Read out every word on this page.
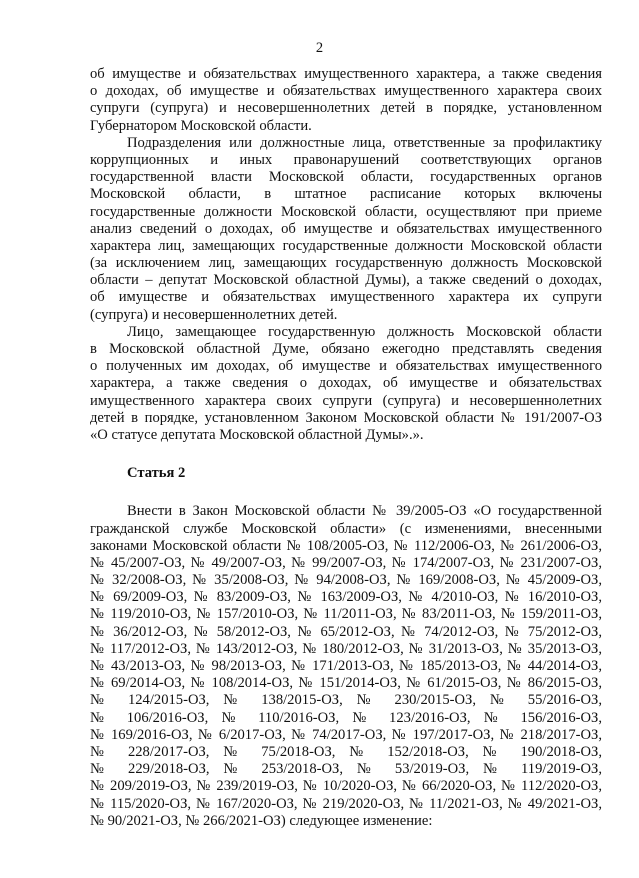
2
об имуществе и обязательствах имущественного характера, а также сведения
о доходах, об имуществе и обязательствах имущественного характера своих
супруги (супруга) и несовершеннолетних детей в порядке, установленном
Губернатором Московской области.
Подразделения или должностные лица, ответственные за профилактику
коррупционных и иных правонарушений соответствующих органов
государственной власти Московской области, государственных органов
Московской области, в штатное расписание которых включены
государственные должности Московской области, осуществляют при приеме
анализ сведений о доходах, об имуществе и обязательствах имущественного
характера лиц, замещающих государственные должности Московской области
(за исключением лиц, замещающих государственную должность Московской
области – депутат Московской областной Думы), а также сведений о доходах,
об имуществе и обязательствах имущественного характера их супруги
(супруга) и несовершеннолетних детей.
Лицо, замещающее государственную должность Московской области
в Московской областной Думе, обязано ежегодно представлять сведения
о полученных им доходах, об имуществе и обязательствах имущественного
характера, а также сведения о доходах, об имуществе и обязательствах
имущественного характера своих супруги (супруга) и несовершеннолетних
детей в порядке, установленном Законом Московской области № 191/2007-ОЗ
«О статусе депутата Московской областной Думы».».
Статья 2
Внести в Закон Московской области № 39/2005-ОЗ «О государственной
гражданской службе Московской области» (с изменениями, внесенными
законами Московской области № 108/2005-ОЗ, № 112/2006-ОЗ, № 261/2006-ОЗ,
№ 45/2007-ОЗ, № 49/2007-ОЗ, № 99/2007-ОЗ, № 174/2007-ОЗ, № 231/2007-ОЗ,
№ 32/2008-ОЗ, № 35/2008-ОЗ, № 94/2008-ОЗ, № 169/2008-ОЗ, № 45/2009-ОЗ,
№ 69/2009-ОЗ, № 83/2009-ОЗ, № 163/2009-ОЗ, № 4/2010-ОЗ, № 16/2010-ОЗ,
№ 119/2010-ОЗ, № 157/2010-ОЗ, № 11/2011-ОЗ, № 83/2011-ОЗ, № 159/2011-ОЗ,
№ 36/2012-ОЗ, № 58/2012-ОЗ, № 65/2012-ОЗ, № 74/2012-ОЗ, № 75/2012-ОЗ,
№ 117/2012-ОЗ, № 143/2012-ОЗ, № 180/2012-ОЗ, № 31/2013-ОЗ, № 35/2013-ОЗ,
№ 43/2013-ОЗ, № 98/2013-ОЗ, № 171/2013-ОЗ, № 185/2013-ОЗ, № 44/2014-ОЗ,
№ 69/2014-ОЗ, № 108/2014-ОЗ, № 151/2014-ОЗ, № 61/2015-ОЗ, № 86/2015-ОЗ,
№ 124/2015-ОЗ, № 138/2015-ОЗ, № 230/2015-ОЗ, № 55/2016-ОЗ,
№ 106/2016-ОЗ, № 110/2016-ОЗ, № 123/2016-ОЗ, № 156/2016-ОЗ,
№ 169/2016-ОЗ, № 6/2017-ОЗ, № 74/2017-ОЗ, № 197/2017-ОЗ, № 218/2017-ОЗ,
№ 228/2017-ОЗ, № 75/2018-ОЗ, № 152/2018-ОЗ, № 190/2018-ОЗ,
№ 229/2018-ОЗ, № 253/2018-ОЗ, № 53/2019-ОЗ, № 119/2019-ОЗ,
№ 209/2019-ОЗ, № 239/2019-ОЗ, № 10/2020-ОЗ, № 66/2020-ОЗ, № 112/2020-ОЗ,
№ 115/2020-ОЗ, № 167/2020-ОЗ, № 219/2020-ОЗ, № 11/2021-ОЗ, № 49/2021-ОЗ,
№ 90/2021-ОЗ, № 266/2021-ОЗ) следующее изменение:
